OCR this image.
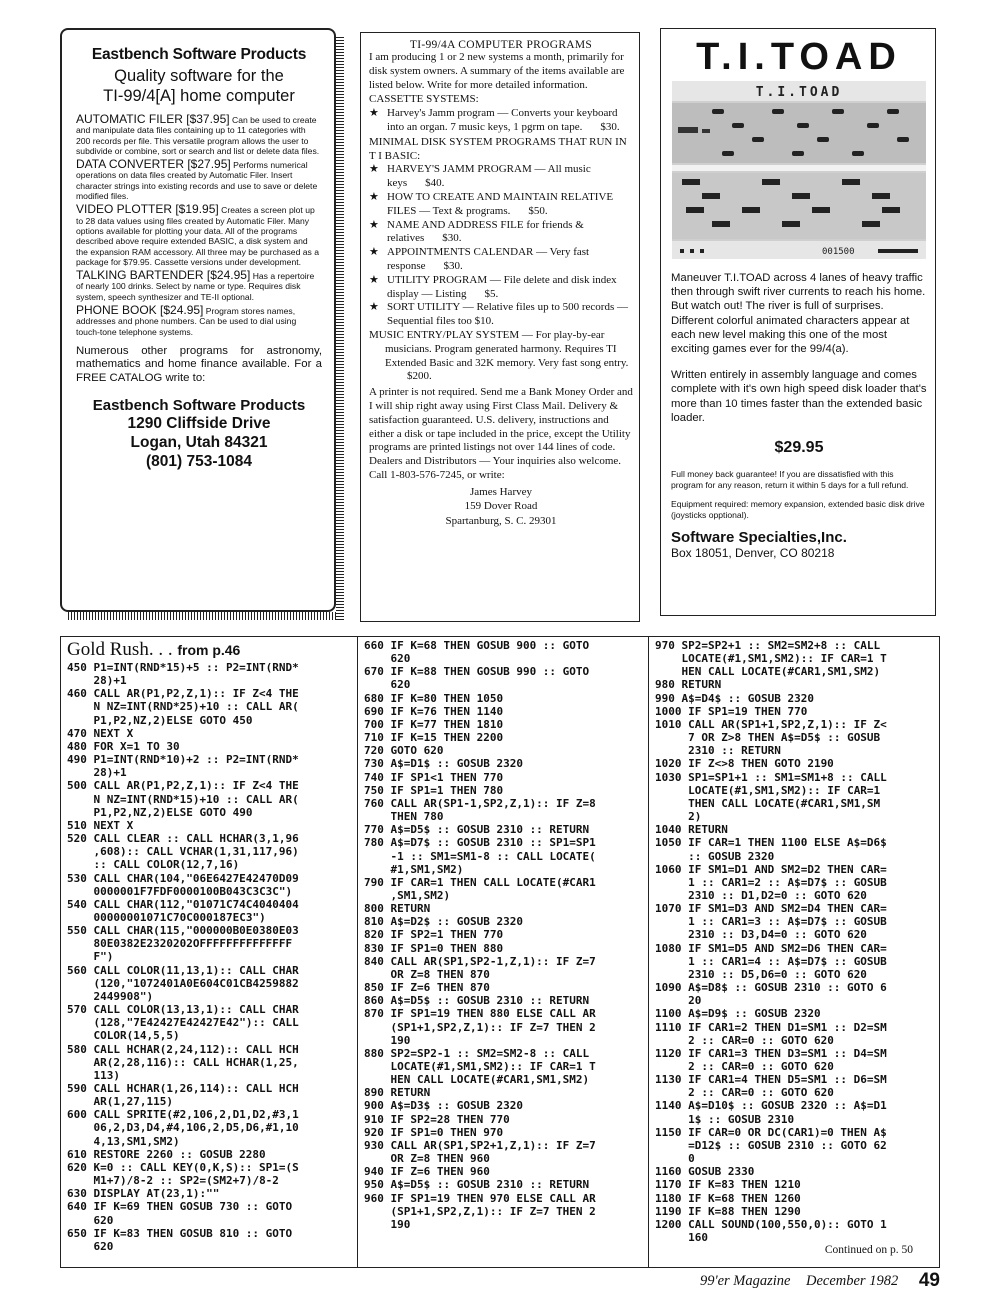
Eastbench Software Products
Quality software for the
TI-99/4[A] home computer
AUTOMATIC FILER [$37.95] Can be used to create and manipulate data files containing up to 11 categories with 200 records per file. This versatile program allows the user to subdivide or combine, sort or search and list or delete data files.
DATA CONVERTER [$27.95] Performs numerical operations on data files created by Automatic Filer. Insert character strings into existing records and use to save or delete modified files.
VIDEO PLOTTER [$19.95] Creates a screen plot up to 28 data values using files created by Automatic Filer. Many options available for plotting your data. All of the programs described above require extended BASIC, a disk system and the expansion RAM accessory. All three may be purchased as a package for $79.95. Cassette versions under development.
TALKING BARTENDER [$24.95] Has a repertoire of nearly 100 drinks. Select by name or type. Requires disk system, speech synthesizer and TE-II optional.
PHONE BOOK [$24.95] Program stores names, addresses and phone numbers. Can be used to dial using touch-tone telephone systems.
Numerous other programs for astronomy, mathematics and home finance available. For a FREE CATALOG write to:
Eastbench Software Products
1290 Cliffside Drive
Logan, Utah 84321
(801) 753-1084
TI-99/4A COMPUTER PROGRAMS
I am producing 1 or 2 new systems a month, primarily for disk system owners. A summary of the items available are listed below. Write for more detailed information.
CASSETTE SYSTEMS:
★ Harvey's Jamm program — Converts your keyboard into an organ. 7 music keys, 1 pgrm on tape. $30.
MINIMAL DISK SYSTEM PROGRAMS THAT RUN IN T I BASIC:
★ HARVEY'S JAMM PROGRAM — All music keys $40.
★ HOW TO CREATE AND MAINTAIN RELATIVE FILES — Text & programs. $50.
★ NAME AND ADDRESS FILE for friends & relatives $30.
★ APPOINTMENTS CALENDAR — Very fast response $30.
★ UTILITY PROGRAM — File delete and disk index display — Listing $5.
★ SORT UTILITY — Relative files up to 500 records — Sequential files too $10.
MUSIC ENTRY/PLAY SYSTEM — For play-by-ear musicians. Program generated harmony. Requires TI Extended Basic and 32K memory. Very fast song entry. $200.
A printer is not required. Send me a Bank Money Order and I will ship right away using First Class Mail. Delivery & satisfaction guaranteed. U.S. delivery, instructions and either a disk or tape included in the price, except the Utility programs are printed listings not over 144 lines of code. Dealers and Distributors — Your inquiries also welcome.
Call 1-803-576-7245, or write:
James Harvey
159 Dover Road
Spartanburg, S. C. 29301
T.I.TOAD
T.I.TOAD
001500
Maneuver T.I.TOAD across 4 lanes of heavy traffic then through swift river currents to reach his home. But watch out! The river is full of surprises. Different colorful animated characters appear at each new level making this one of the most exciting games ever for the 99/4(a).
Written entirely in assembly language and comes complete with it's own high speed disk loader that's more than 10 times faster than the extended basic loader.
$29.95
Full money back guarantee! If you are dissatisfied with this program for any reason, return it within 5 days for a full refund.
Equipment required: memory expansion, extended basic disk drive (joysticks opptional).
Software Specialties,Inc.
Box 18051, Denver, CO 80218
Gold Rush. . . from p.46
450 P1=INT(RND*15)+5 :: P2=INT(RND*
28)+1
460 CALL AR(P1,P2,Z,1):: IF Z<4 THE
N NZ=INT(RND*25)+10 :: CALL AR(
P1,P2,NZ,2)ELSE GOTO 450
470 NEXT X
480 FOR X=1 TO 30
490 P1=INT(RND*10)+2 :: P2=INT(RND*
28)+1
500 CALL AR(P1,P2,Z,1):: IF Z<4 THE
N NZ=INT(RND*15)+10 :: CALL AR(
P1,P2,NZ,2)ELSE GOTO 490
510 NEXT X
520 CALL CLEAR :: CALL HCHAR(3,1,96
,608):: CALL VCHAR(1,31,117,96)
:: CALL COLOR(12,7,16)
530 CALL CHAR(104,"06E6427E42470D09
0000001F7FDF0000100B043C3C3C")
540 CALL CHAR(112,"01071C74C4040404
00000001071C70C000187EC3")
550 CALL CHAR(115,"000000B0E0380E03
80E0382E2320202OFFFFFFFFFFFFFF
F")
560 CALL COLOR(11,13,1):: CALL CHAR
(120,"1072401A0E604C01CB4259882
2449908")
570 CALL COLOR(13,13,1):: CALL CHAR
(128,"7E42427E42427E42"):: CALL
COLOR(14,5,5)
580 CALL HCHAR(2,24,112):: CALL HCH
AR(2,28,116):: CALL HCHAR(1,25,
113)
590 CALL HCHAR(1,26,114):: CALL HCH
AR(1,27,115)
600 CALL SPRITE(#2,106,2,D1,D2,#3,1
06,2,D3,D4,#4,106,2,D5,D6,#1,10
4,13,SM1,SM2)
610 RESTORE 2260 :: GOSUB 2280
620 K=0 :: CALL KEY(0,K,S):: SP1=(S
M1+7)/8-2 :: SP2=(SM2+7)/8-2
630 DISPLAY AT(23,1):""
640 IF K=69 THEN GOSUB 730 :: GOTO
620
650 IF K=83 THEN GOSUB 810 :: GOTO
620
660 IF K=68 THEN GOSUB 900 :: GOTO
620
670 IF K=88 THEN GOSUB 990 :: GOTO
620
680 IF K=80 THEN 1050
690 IF K=76 THEN 1140
700 IF K=77 THEN 1810
710 IF K=15 THEN 2200
720 GOTO 620
730 A$=D1$ :: GOSUB 2320
740 IF SP1<1 THEN 770
750 IF SP1=1 THEN 780
760 CALL AR(SP1-1,SP2,Z,1):: IF Z=8
THEN 780
770 A$=D5$ :: GOSUB 2310 :: RETURN
780 A$=D7$ :: GOSUB 2310 :: SP1=SP1
-1 :: SM1=SM1-8 :: CALL LOCATE(
#1,SM1,SM2)
790 IF CAR=1 THEN CALL LOCATE(#CAR1
,SM1,SM2)
800 RETURN
810 A$=D2$ :: GOSUB 2320
820 IF SP2=1 THEN 770
830 IF SP1=0 THEN 880
840 CALL AR(SP1,SP2-1,Z,1):: IF Z=7
OR Z=8 THEN 870
850 IF Z=6 THEN 870
860 A$=D5$ :: GOSUB 2310 :: RETURN
870 IF SP1=19 THEN 880 ELSE CALL AR
(SP1+1,SP2,Z,1):: IF Z=7 THEN 2
190
880 SP2=SP2-1 :: SM2=SM2-8 :: CALL
LOCATE(#1,SM1,SM2):: IF CAR=1 T
HEN CALL LOCATE(#CAR1,SM1,SM2)
890 RETURN
900 A$=D3$ :: GOSUB 2320
910 IF SP2=28 THEN 770
920 IF SP1=0 THEN 970
930 CALL AR(SP1,SP2+1,Z,1):: IF Z=7
OR Z=8 THEN 960
940 IF Z=6 THEN 960
950 A$=D5$ :: GOSUB 2310 :: RETURN
960 IF SP1=19 THEN 970 ELSE CALL AR
(SP1+1,SP2,Z,1):: IF Z=7 THEN 2
190
970 SP2=SP2+1 :: SM2=SM2+8 :: CALL
LOCATE(#1,SM1,SM2):: IF CAR=1 T
HEN CALL LOCATE(#CAR1,SM1,SM2)
980 RETURN
990 A$=D4$ :: GOSUB 2320
1000 IF SP1=19 THEN 770
1010 CALL AR(SP1+1,SP2,Z,1):: IF Z<
7 OR Z>8 THEN A$=D5$ :: GOSUB
2310 :: RETURN
1020 IF Z<>8 THEN GOTO 2190
1030 SP1=SP1+1 :: SM1=SM1+8 :: CALL
LOCATE(#1,SM1,SM2):: IF CAR=1
THEN CALL LOCATE(#CAR1,SM1,SM
2)
1040 RETURN
1050 IF CAR=1 THEN 1100 ELSE A$=D6$
:: GOSUB 2320
1060 IF SM1=D1 AND SM2=D2 THEN CAR=
1 :: CAR1=2 :: A$=D7$ :: GOSUB
2310 :: D1,D2=0 :: GOTO 620
1070 IF SM1=D3 AND SM2=D4 THEN CAR=
1 :: CAR1=3 :: A$=D7$ :: GOSUB
2310 :: D3,D4=0 :: GOTO 620
1080 IF SM1=D5 AND SM2=D6 THEN CAR=
1 :: CAR1=4 :: A$=D7$ :: GOSUB
2310 :: D5,D6=0 :: GOTO 620
1090 A$=D8$ :: GOSUB 2310 :: GOTO 6
20
1100 A$=D9$ :: GOSUB 2320
1110 IF CAR1=2 THEN D1=SM1 :: D2=SM
2 :: CAR=0 :: GOTO 620
1120 IF CAR1=3 THEN D3=SM1 :: D4=SM
2 :: CAR=0 :: GOTO 620
1130 IF CAR1=4 THEN D5=SM1 :: D6=SM
2 :: CAR=0 :: GOTO 620
1140 A$=D10$ :: GOSUB 2320 :: A$=D1
1$ :: GOSUB 2310
1150 IF CAR=0 OR DC(CAR1)=0 THEN A$
=D12$ :: GOSUB 2310 :: GOTO 62
0
1160 GOSUB 2330
1170 IF K=83 THEN 1210
1180 IF K=68 THEN 1260
1190 IF K=88 THEN 1290
1200 CALL SOUND(100,550,0):: GOTO 1
160
Continued on p. 50
99'er Magazine December 1982 49
